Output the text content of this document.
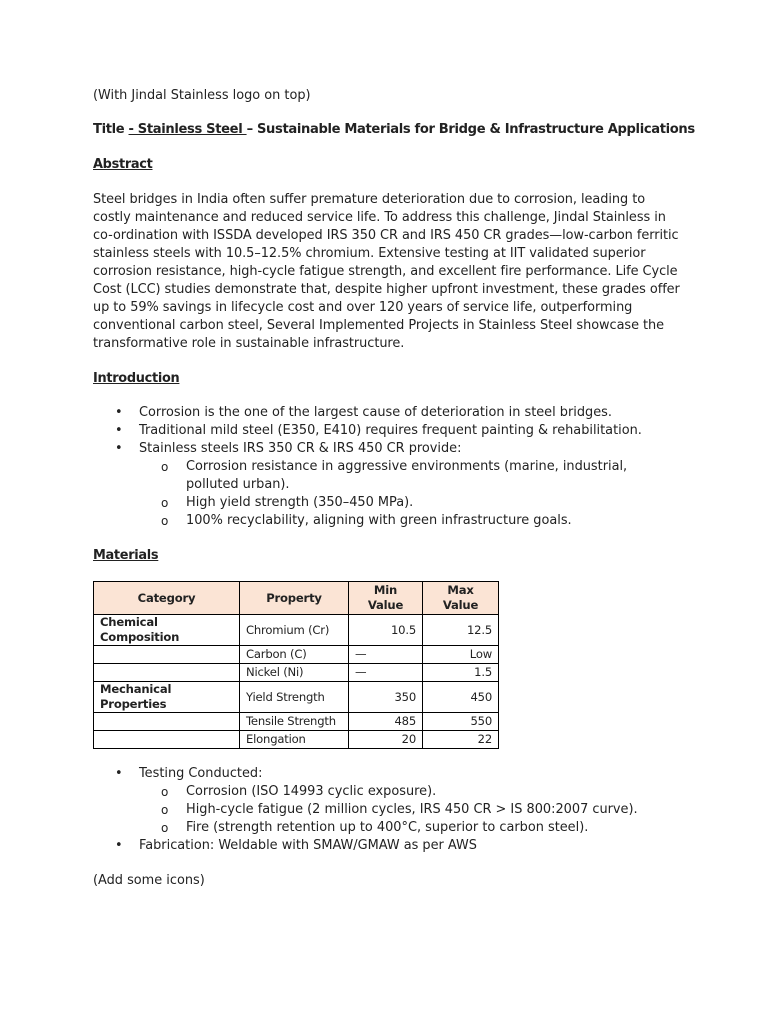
(With Jindal Stainless logo on top)

Title - Stainless Steel – Sustainable Materials for Bridge & Infrastructure Applications

Abstract

Steel bridges in India often suffer premature deterioration due to corrosion, leading to costly maintenance and reduced service life. To address this challenge, Jindal Stainless in co-ordination with ISSDA developed IRS 350 CR and IRS 450 CR grades—low-carbon ferritic stainless steels with 10.5–12.5% chromium. Extensive testing at IIT validated superior corrosion resistance, high-cycle fatigue strength, and excellent fire performance. Life Cycle Cost (LCC) studies demonstrate that, despite higher upfront investment, these grades offer up to 59% savings in lifecycle cost and over 120 years of service life, outperforming conventional carbon steel, Several Implemented Projects in Stainless Steel showcase the transformative role in sustainable infrastructure.

Introduction

• Corrosion is the one of the largest cause of deterioration in steel bridges.
• Traditional mild steel (E350, E410) requires frequent painting & rehabilitation.
• Stainless steels IRS 350 CR & IRS 450 CR provide:
o Corrosion resistance in aggressive environments (marine, industrial, polluted urban).
o High yield strength (350–450 MPa).
o 100% recyclability, aligning with green infrastructure goals.

Materials

Category	Property	Min Value	Max Value
Chemical Composition	Chromium (Cr)	10.5	12.5
	Carbon (C)	—	Low
	Nickel (Ni)	—	1.5
Mechanical Properties	Yield Strength	350	450
	Tensile Strength	485	550
	Elongation	20	22
• Testing Conducted:
o Corrosion (ISO 14993 cyclic exposure).
o High-cycle fatigue (2 million cycles, IRS 450 CR > IS 800:2007 curve).
o Fire (strength retention up to 400°C, superior to carbon steel).
• Fabrication: Weldable with SMAW/GMAW as per AWS

(Add some icons)
